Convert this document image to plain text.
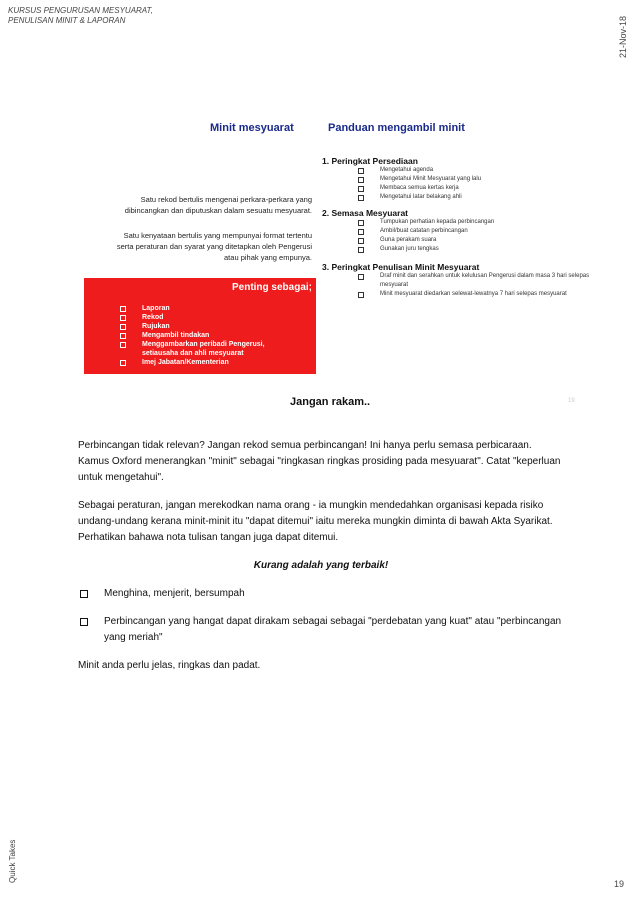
KURSUS PENGURUSAN MESYUARAT,
PENULISAN MINIT & LAPORAN	21-Nov-18
Minit mesyuarat	Panduan mengambil minit
Satu rekod bertulis mengenai perkara-perkara yang
dibincangkan dan diputuskan dalam sesuatu mesyuarat.
Satu kenyataan bertulis yang mempunyai format tertentu
serta peraturan dan syarat yang ditetapkan oleh Pengerusi
atau pihak yang empunya.
Penting sebagai;
Laporan
Rekod
Rujukan
Mengambil tindakan
Menggambarkan peribadi Pengerusi,
setiausaha dan ahli mesyuarat
Imej Jabatan/Kementerian
1. Peringkat Persediaan
Mengetahui agenda
Mengetahui Minit Mesyuarat yang lalu
Membaca semua kertas kerja
Mengetahui latar belakang ahli
2. Semasa Mesyuarat
Tumpukan perhatian kepada perbincangan
Ambil/buat catatan perbincangan
Guna perakam suara
Gunakan juru tengkas
3. Peringkat Penulisan Minit Mesyuarat
Draf minit dan serahkan untuk kelulusan Pengerusi dalam masa 3 hari selepas mesyuarat
Minit mesyuarat diedarkan selewat-lewatnya 7 hari selepas mesyuarat
Jangan rakam..	19

Perbincangan tidak relevan? Jangan rekod semua perbincangan! Ini hanya perlu semasa perbicaraan. Kamus Oxford menerangkan "minit" sebagai "ringkasan ringkas prosiding pada mesyuarat". Catat "keperluan untuk mengetahui".

Sebagai peraturan, jangan merekodkan nama orang - ia mungkin mendedahkan organisasi kepada risiko undang-undang kerana minit-minit itu "dapat ditemui" iaitu mereka mungkin diminta di bawah Akta Syarikat. Perhatikan bahawa nota tulisan tangan juga dapat ditemui.

Kurang adalah yang terbaik!

Menghina, menjerit, bersumpah
Perbincangan yang hangat dapat dirakam sebagai sebagai "perdebatan yang kuat" atau "perbincangan yang meriah"

Minit anda perlu jelas, ringkas dan padat.

Quick Takes
19
